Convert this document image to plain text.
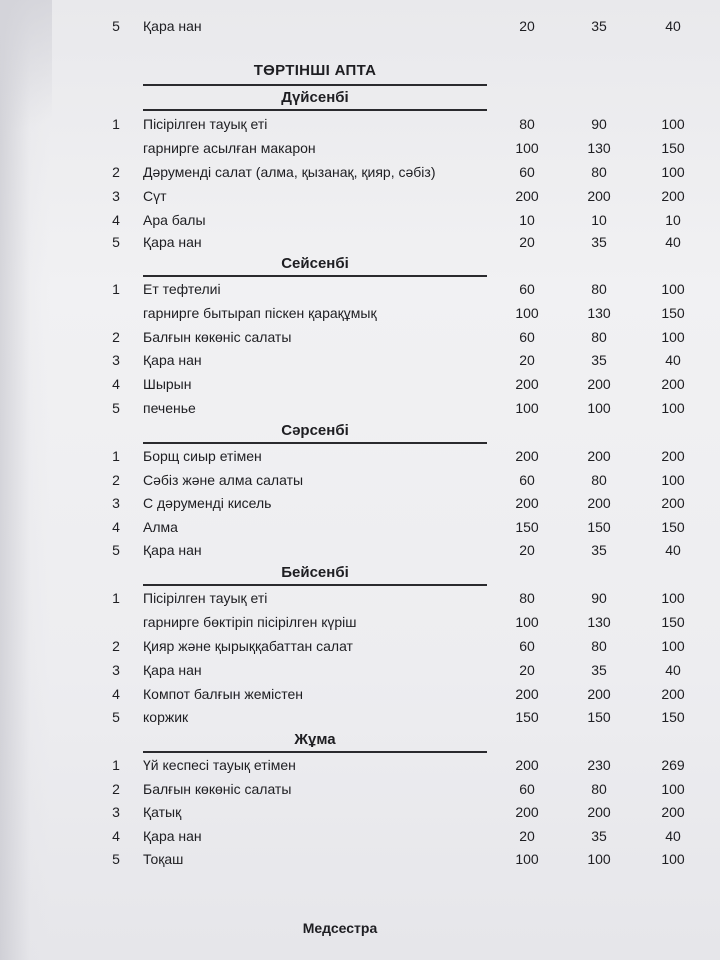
5 Қара нан	20	35	40
ТӨРТІНШІ АПТА
Дүйсенбі
1 Пісірілген тауық еті	80	90	100
гарнирге асылған макарон	100	130	150
2 Дәрумендi салат (алма, қызанақ, қияр, сәбіз)	60	80	100
3 Сүт	200	200	200
4 Ара балы	10	10	10
5 Қара нан	20	35	40
Сейсенбі
1 Ет тефтелиі	60	80	100
гарнирге бытырап піскен қарақұмық	100	130	150
2 Балғын көкөніс салаты	60	80	100
3 Қара нан	20	35	40
4 Шырын	200	200	200
5 печенье	100	100	100
Сәрсенбі
1 Борщ сиыр етімен	200	200	200
2 Сәбіз және алма салаты	60	80	100
3 С дәрумендi кисель	200	200	200
4 Алма	150	150	150
5 Қара нан	20	35	40
Бейсенбі
1 Пісірілген тауық еті	80	90	100
гарнирге бөктіріп пісірілген күріш	100	130	150
2 Қияр және қырыққабаттан салат	60	80	100
3 Қара нан	20	35	40
4 Компот балғын жемістен	200	200	200
5 коржик	150	150	150
Жұма
1 Үй кеспесі тауық етімен	200	230	269
2 Балғын көкөніс салаты	60	80	100
3 Қатық	200	200	200
4 Қара нан	20	35	40
5 Тоқаш	100	100	100
Медсестра
